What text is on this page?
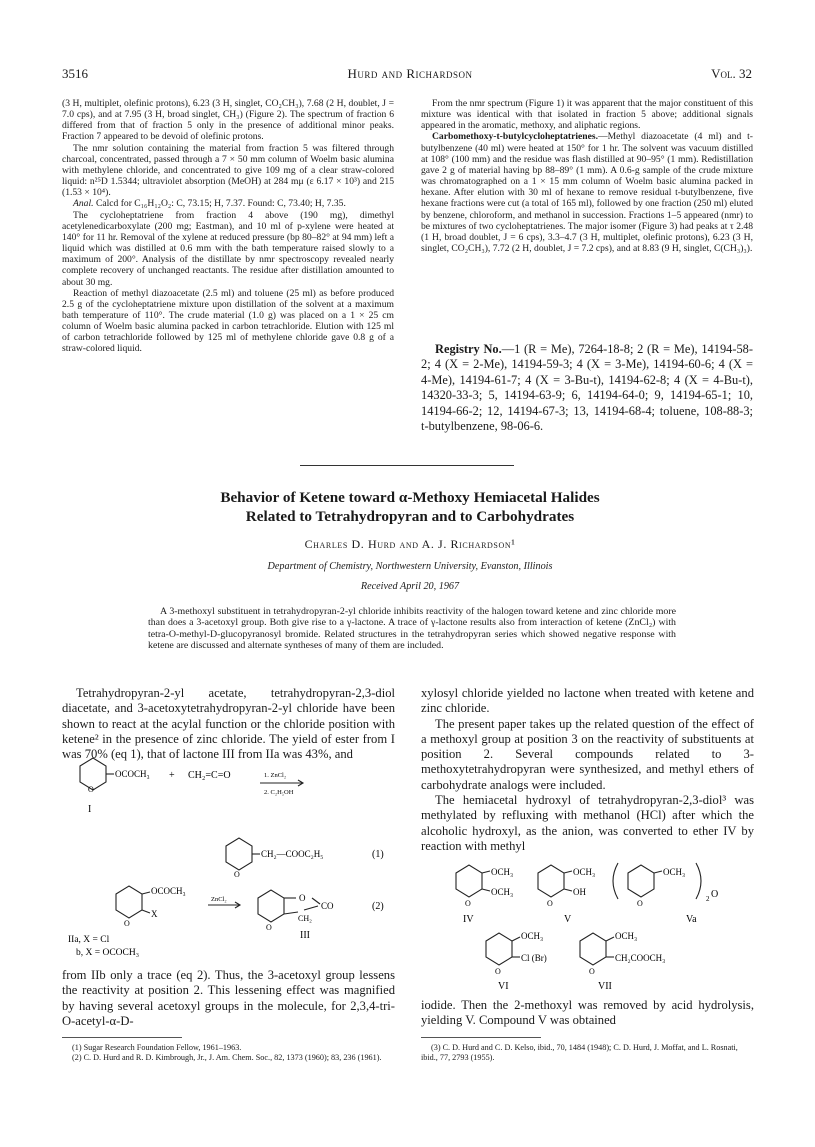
3516	Hurd and Richardson	Vol. 32

(3 H, multiplet, olefinic protons), 6.23 (3 H, singlet, CO₂CH₃), 7.68 (2 H, doublet, J = 7.0 cps), and at 7.95 (3 H, broad singlet, CH₃) (Figure 2). The spectrum of fraction 6 differed from that of fraction 5 only in the presence of additional minor peaks. Fraction 7 appeared to be devoid of olefinic protons.

The nmr solution containing the material from fraction 5 was filtered through charcoal, concentrated, passed through a 7 × 50 mm column of Woelm basic alumina with methylene chloride, and concentrated to give 109 mg of a clear straw-colored liquid: n²⁵D 1.5344; ultraviolet absorption (MeOH) at 284 mμ (ε 6.17 × 10³) and 215 (1.53 × 10⁴).

Anal. Calcd for C₁₆H₁₂O₂: C, 73.15; H, 7.37. Found: C, 73.40; H, 7.35.

The cycloheptatriene from fraction 4 above (190 mg), dimethyl acetylenedicarboxylate (200 mg; Eastman), and 10 ml of p-xylene were heated at 140° for 11 hr. Removal of the xylene at reduced pressure (bp 80–82° at 94 mm) left a liquid which was distilled at 0.6 mm with the bath temperature raised slowly to a maximum of 200°. Analysis of the distillate by nmr spectroscopy revealed nearly complete recovery of unchanged reactants. The residue after distillation amounted to about 30 mg.

Reaction of methyl diazoacetate (2.5 ml) and toluene (25 ml) as before produced 2.5 g of the cycloheptatriene mixture upon distillation of the solvent at a maximum bath temperature of 110°. The crude material (1.0 g) was placed on a 1 × 25 cm column of Woelm basic alumina packed in carbon tetrachloride. Elution with 125 ml of carbon tetrachloride followed by 125 ml of methylene chloride gave 0.8 g of a straw-colored liquid.

From the nmr spectrum (Figure 1) it was apparent that the major constituent of this mixture was identical with that isolated in fraction 5 above; additional signals appeared in the aromatic, methoxy, and aliphatic regions.

Carbomethoxy-t-butylcycloheptatrienes.—Methyl diazoacetate (4 ml) and t-butylbenzene (40 ml) were heated at 150° for 1 hr. The solvent was vacuum distilled at 108° (100 mm) and the residue was flash distilled at 90–95° (1 mm). Redistillation gave 2 g of material having bp 88–89° (1 mm). A 0.6-g sample of the crude mixture was chromatographed on a 1 × 15 mm column of Woelm basic alumina packed in hexane. After elution with 30 ml of hexane to remove residual t-butylbenzene, five hexane fractions were cut (a total of 165 ml), followed by one fraction (250 ml) eluted by benzene, chloroform, and methanol in succession. Fractions 1–5 appeared (nmr) to be mixtures of two cycloheptatrienes. The major isomer (Figure 3) had peaks at τ 2.48 (1 H, broad doublet, J = 6 cps), 3.3–4.7 (3 H, multiplet, olefinic protons), 6.23 (3 H, singlet, CO₂CH₃), 7.72 (2 H, doublet, J = 7.2 cps), and at 8.83 (9 H, singlet, C(CH₃)₃).

Registry No.—1 (R = Me), 7264-18-8; 2 (R = Me), 14194-58-2; 4 (X = 2-Me), 14194-59-3; 4 (X = 3-Me), 14194-60-6; 4 (X = 4-Me), 14194-61-7; 4 (X = 3-Bu-t), 14194-62-8; 4 (X = 4-Bu-t), 14320-33-3; 5, 14194-63-9; 6, 14194-64-0; 9, 14194-65-1; 10, 14194-66-2; 12, 14194-67-3; 13, 14194-68-4; toluene, 108-88-3; t-butylbenzene, 98-06-6.
Behavior of Ketene toward α-Methoxy Hemiacetal Halides
Related to Tetrahydropyran and to Carbohydrates
Charles D. Hurd and A. J. Richardson¹
Department of Chemistry, Northwestern University, Evanston, Illinois
Received April 20, 1967
A 3-methoxyl substituent in tetrahydropyran-2-yl chloride inhibits reactivity of the halogen toward ketene and zinc chloride more than does a 3-acetoxyl group. Both give rise to a γ-lactone. A trace of γ-lactone results also from interaction of ketene (ZnCl₂) with tetra-O-methyl-D-glucopyranosyl bromide. Related structures in the tetrahydropyran series which showed negative response with ketene are discussed and alternate syntheses of many of them are included.

Tetrahydropyran-2-yl acetate, tetrahydropyran-2,3-diol diacetate, and 3-acetoxytetrahydropyran-2-yl chloride have been shown to react at the acylal function or the chloride position with ketene² in the presence of zinc chloride. The yield of ester from I was 70% (eq 1), that of lactone III from IIa was 43%, and

O
OCOCH₃ + CH₂=C=O	1. ZnCl₂
2. C₂H₅OH
I
O
CH₂—COOC₂H₅	(1)
O
OCOCH₃
X
ZnCl₂
O
O
CO
CH₂
(2)
IIa, X = Cl
b, X = OCOCH₃
III

from IIb only a trace (eq 2). Thus, the 3-acetoxyl group lessens the reactivity at position 2. This lessening effect was magnified by having several acetoxyl groups in the molecule, for 2,3,4-tri-O-acetyl-α-D-

(1) Sugar Research Foundation Fellow, 1961–1963.
(2) C. D. Hurd and R. D. Kimbrough, Jr., J. Am. Chem. Soc., 82, 1373 (1960); 83, 236 (1961).

xylosyl chloride yielded no lactone when treated with ketene and zinc chloride.

The present paper takes up the related question of the effect of a methoxyl group at position 3 on the reactivity of substituents at position 2. Several compounds related to 3-methoxytetrahydropyran were synthesized, and methyl ethers of carbohydrate analogs were included.

The hemiacetal hydroxyl of tetrahydropyran-2,3-diol³ was methylated by refluxing with methanol (HCl) after which the alcoholic hydroxyl, as the anion, was converted to ether IV by reaction with methyl

O
OCH₃
OCH₃
IV
O
OCH₃
OH
V
O
OCH₃
2 O
Va
O
OCH₃
Cl (Br)
VI
O
OCH₃
CH₂COOCH₃
VII

iodide. Then the 2-methoxyl was removed by acid hydrolysis, yielding V. Compound V was obtained

(3) C. D. Hurd and C. D. Kelso, ibid., 70, 1484 (1948); C. D. Hurd, J. Moffat, and L. Rosnati, ibid., 77, 2793 (1955).
